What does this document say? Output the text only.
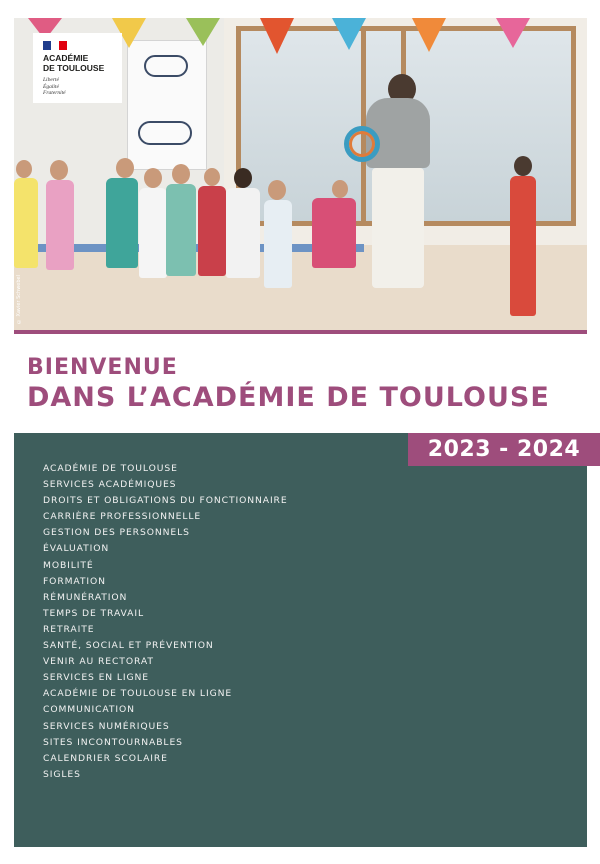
© Xavier Schwebel
ACADÉMIE
DE TOULOUSE
Liberté
Égalité
Fraternité
BIENVENUE
DANS L’ACADÉMIE DE TOULOUSE
2023 - 2024
ACADÉMIE DE TOULOUSE
SERVICES ACADÉMIQUES
DROITS ET OBLIGATIONS DU FONCTIONNAIRE
CARRIÈRE PROFESSIONNELLE
GESTION DES PERSONNELS
ÉVALUATION
MOBILITÉ
FORMATION
RÉMUNÉRATION
TEMPS DE TRAVAIL
RETRAITE
SANTÉ, SOCIAL ET PRÉVENTION
VENIR AU RECTORAT
SERVICES EN LIGNE
ACADÉMIE DE TOULOUSE EN LIGNE
COMMUNICATION
SERVICES NUMÉRIQUES
SITES INCONTOURNABLES
CALENDRIER SCOLAIRE
SIGLES
